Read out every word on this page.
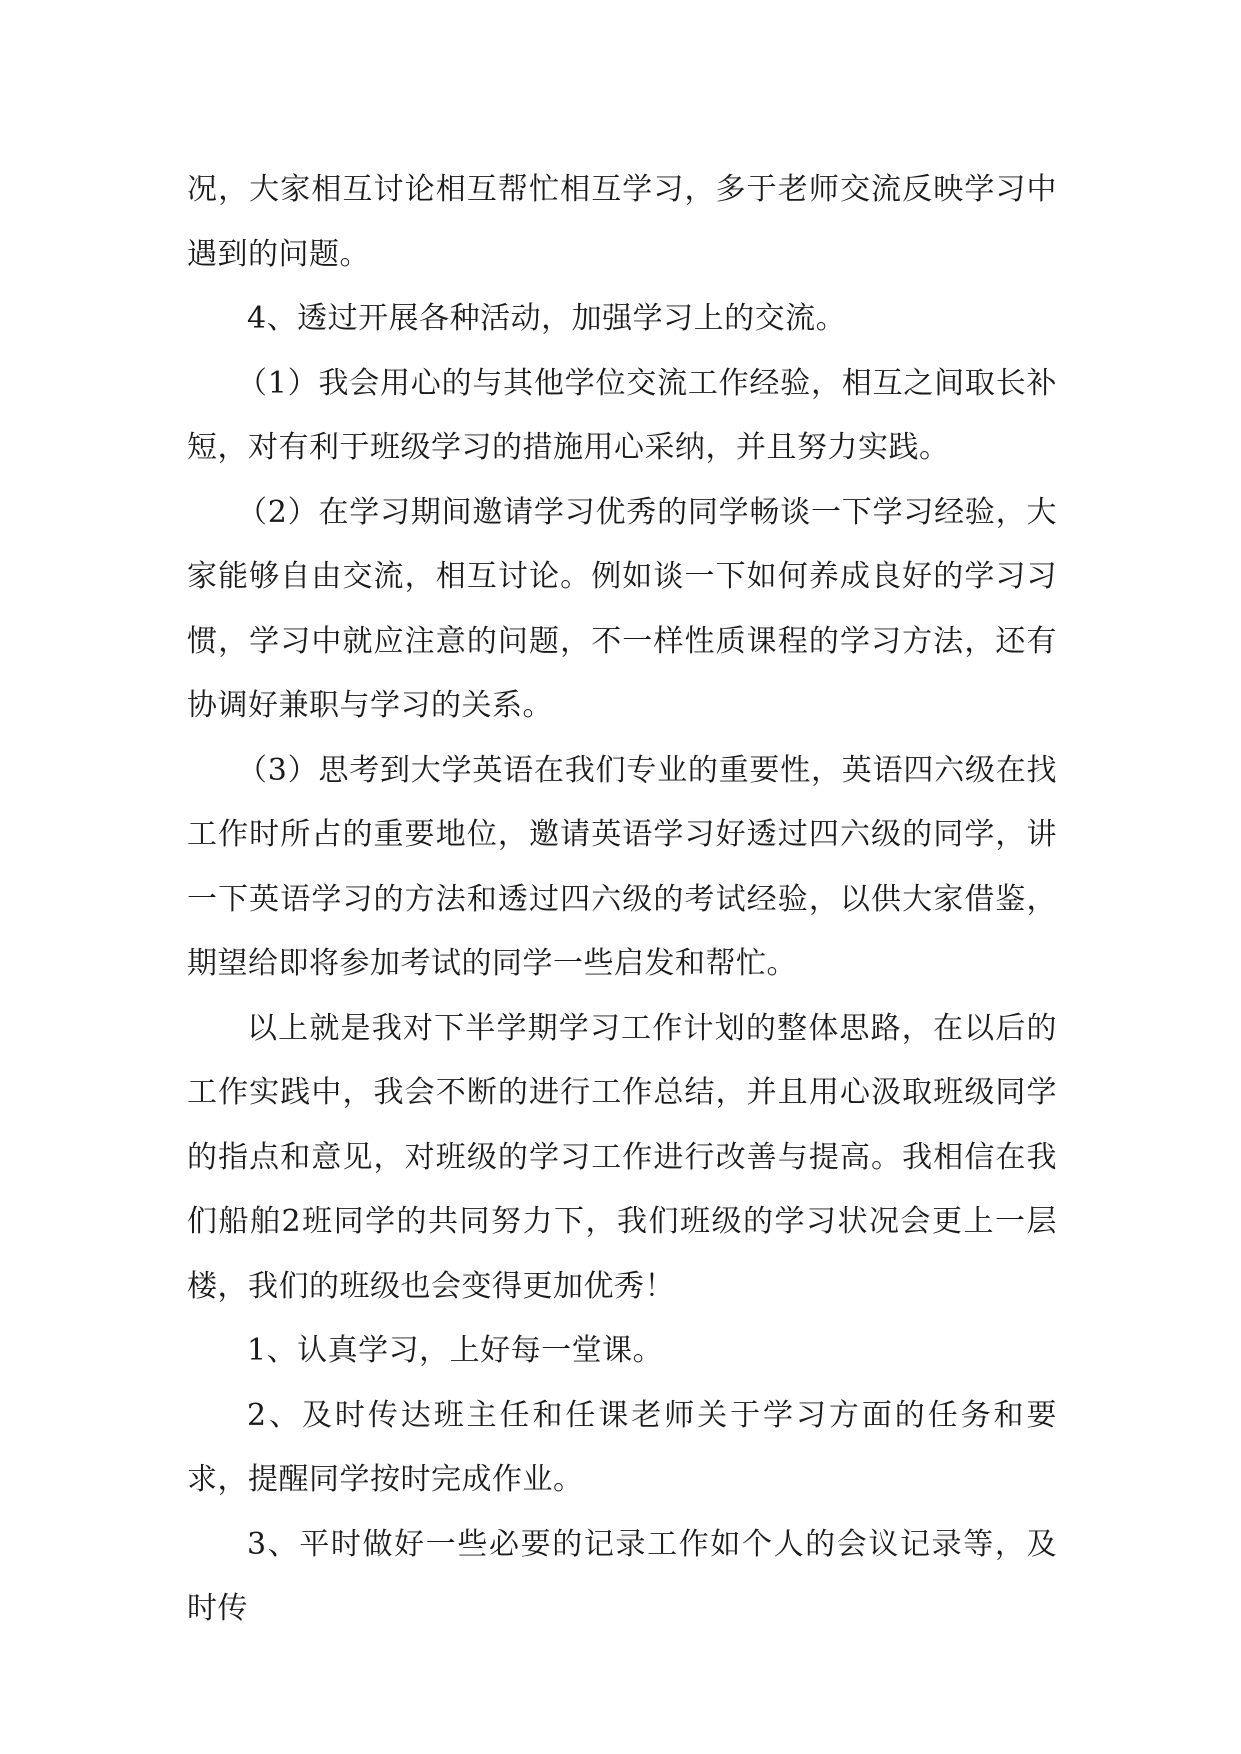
况，大家相互讨论相互帮忙相互学习，多于老师交流反映学习中遇到的问题。

4、透过开展各种活动，加强学习上的交流。

（1）我会用心的与其他学位交流工作经验，相互之间取长补短，对有利于班级学习的措施用心采纳，并且努力实践。

（2）在学习期间邀请学习优秀的同学畅谈一下学习经验，大家能够自由交流，相互讨论。例如谈一下如何养成良好的学习习惯，学习中就应注意的问题，不一样性质课程的学习方法，还有协调好兼职与学习的关系。

（3）思考到大学英语在我们专业的重要性，英语四六级在找工作时所占的重要地位，邀请英语学习好透过四六级的同学，讲一下英语学习的方法和透过四六级的考试经验，以供大家借鉴，期望给即将参加考试的同学一些启发和帮忙。

以上就是我对下半学期学习工作计划的整体思路，在以后的工作实践中，我会不断的进行工作总结，并且用心汲取班级同学的指点和意见，对班级的学习工作进行改善与提高。我相信在我们船舶2班同学的共同努力下，我们班级的学习状况会更上一层楼，我们的班级也会变得更加优秀！

1、认真学习，上好每一堂课。

2、及时传达班主任和任课老师关于学习方面的任务和要求，提醒同学按时完成作业。

3、平时做好一些必要的记录工作如个人的会议记录等，及时传
